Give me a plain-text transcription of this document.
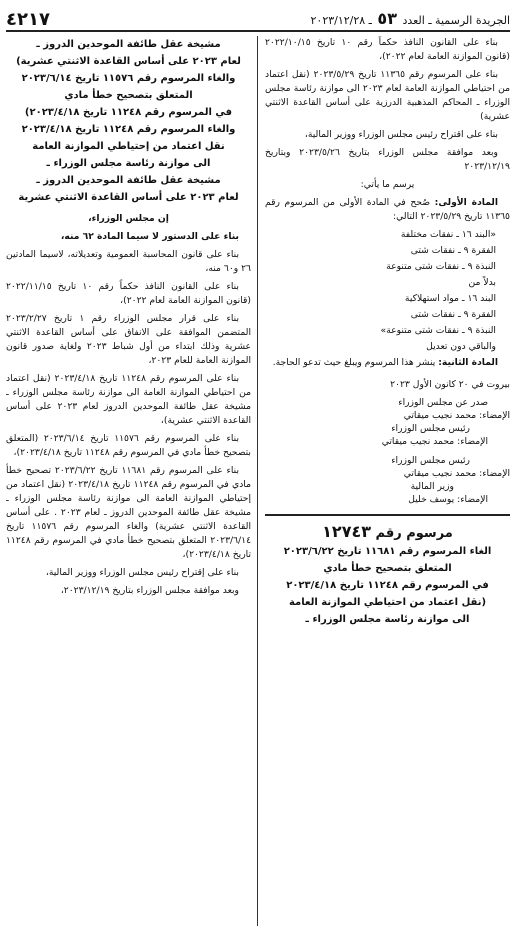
الجريدة الرسمية ـ العدد ٥٣ ـ ٢٠٢٣/١٢/٢٨
٤٢١٧

بناء على القانون النافذ حكماً رقم ١٠ تاريخ ٢٠٢٢/١٠/١٥ (قانون الموازنة العامة لعام ٢٠٢٢)،

بناء على المرسوم رقم ١١٣٦٥ تاريخ ٢٠٢٣/٥/٢٩ (نقل اعتماد من احتياطي الموازنة العامة لعام ٢٠٢٣ الى موازنة رئاسة مجلس الوزراء ـ المحاكم المذهبية الدرزية على أساس القاعدة الاثنتي عشرية)

بناء على اقتراح رئيس مجلس الوزراء ووزير المالية،

وبعد موافقة مجلس الوزراء بتاريخ ٢٠٢٣/٥/٢٦ وبتاريخ ٢٠٢٣/١٢/١٩

يرسم ما يأتي:

المادة الأولى: صُحح في المادة الأولى من المرسوم رقم ١١٣٦٥ تاريخ ٢٠٢٣/٥/٢٩ التالي:

«البند ١٦ ـ نفقات مختلفة

الفقرة ٩ ـ نفقات شتى

النبذة ٩ ـ نفقات شتى متنوعة

بدلاً من

البند ١٦ ـ مواد استهلاكية

الفقرة ٩ ـ نفقات شتى

النبذة ٩ ـ نفقات شتى متنوعة»

والباقي دون تعديل

المادة الثانية: ينشر هذا المرسوم ويبلغ حيث تدعو الحاجة.

بيروت في ٢٠ كانون الأول ٢٠٢٣

صدر عن مجلس الوزراء

الإمضاء: محمد نجيب ميقاتي

رئيس مجلس الوزراء

الإمضاء: محمد نجيب ميقاتي

رئيس مجلس الوزراء

الإمضاء: محمد نجيب ميقاتي

وزير المالية

الإمضاء: يوسف خليل

مرسوم رقم ١٢٧٤٣

الغاء المرسوم رقم ١١٦٨١ تاريخ ٢٠٢٣/٦/٢٢

المتعلق بتصحيح خطأ مادي

في المرسوم رقم ١١٢٤٨ تاريخ ٢٠٢٣/٤/١٨

(نقل اعتماد من احتياطي الموازنة العامة

الى موازنة رئاسة مجلس الوزراء ـ

مشيخة عقل طائفة الموحدين الدروز ـ

لعام ٢٠٢٣ على أساس القاعدة الاثنتي عشرية)

والغاء المرسوم رقم ١١٥٧٦ تاريخ ٢٠٢٣/٦/١٤

المتعلق بتصحيح خطأ مادي

في المرسوم رقم ١١٢٤٨ تاريخ ٢٠٢٣/٤/١٨)

والغاء المرسوم رقم ١١٢٤٨ تاريخ ٢٠٢٣/٤/١٨

نقل اعتماد من إحتياطي الموازنة العامة

الى موازنة رئاسة مجلس الوزراء ـ

مشيخة عقل طائفة الموحدين الدروز ـ

لعام ٢٠٢٣ على أساس القاعدة الاثنتي عشرية

إن مجلس الوزراء،

بناء على الدستور لا سيما المادة ٦٢ منه،

بناء على قانون المحاسبة العمومية وتعديلاته، لاسيما المادتين ٢٦ و٦٠ منه،

بناء على القانون النافذ حكماً رقم ١٠ تاريخ ٢٠٢٢/١١/١٥ (قانون الموازنة العامة لعام ٢٠٢٢)،

بناء على قرار مجلس الوزراء رقم ١ تاريخ ٢٠٢٣/٢/٢٧ المتضمن الموافقة على الانفاق على أساس القاعدة الاثنتي عشرية وذلك ابتداء من أول شباط ٢٠٢٣ ولغاية صدور قانون الموازنة العامة للعام ٢٠٢٣،

بناء على المرسوم رقم ١١٢٤٨ تاريخ ٢٠٢٣/٤/١٨ (نقل اعتماد من احتياطي الموازنة العامة الى موازنة رئاسة مجلس الوزراء ـ مشيخة عقل طائفة الموحدين الدروز لعام ٢٠٢٣ على أساس القاعدة الاثنتي عشرية)،

بناء على المرسوم رقم ١١٥٧٦ تاريخ ٢٠٢٣/٦/١٤ (المتعلق بتصحيح خطأ مادي في المرسوم رقم ١١٢٤٨ تاريخ ٢٠٢٣/٤/١٨)،

بناء على المرسوم رقم ١١٦٨١ تاريخ ٢٠٢٣/٦/٢٢ تصحيح خطأ مادي في المرسوم رقم ١١٢٤٨ تاريخ ٢٠٢٣/٤/١٨ (نقل اعتماد من إحتياطي الموازنة العامة الى موازنة رئاسة مجلس الوزراء ـ مشيخة عقل طائفة الموحدين الدروز ـ لعام ٢٠٢٣ . على أساس القاعدة الاثنتي عشرية) والغاء المرسوم رقم ١١٥٧٦ تاريخ ٢٠٢٣/٦/١٤ المتعلق بتصحيح خطأ مادي في المرسوم رقم ١١٢٤٨ تاريخ ٢٠٢٣/٤/١٨)،

بناء على إقتراح رئيس مجلس الوزراء ووزير المالية،

وبعد موافقة مجلس الوزراء بتاريخ ٢٠٢٣/١٢/١٩،
